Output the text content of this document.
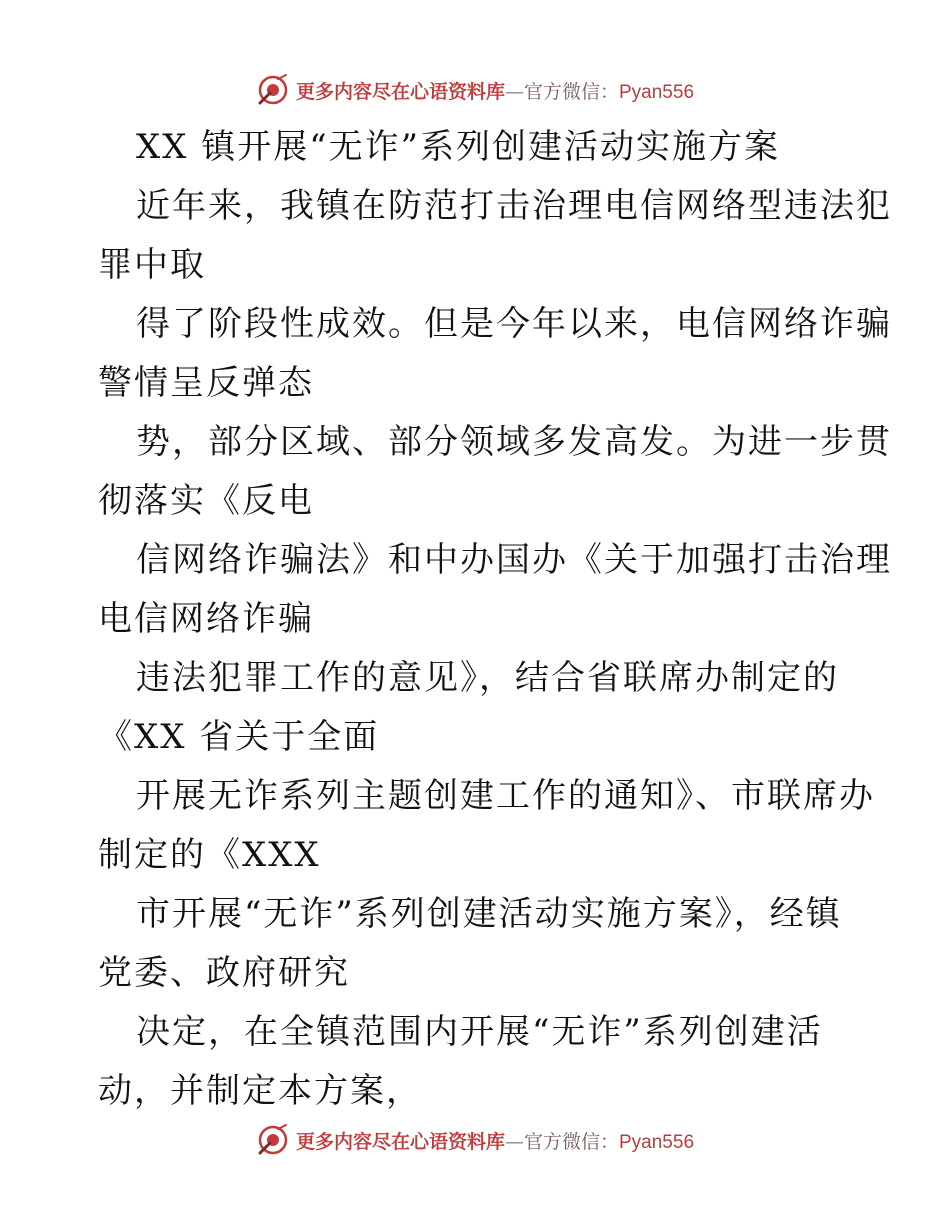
更多内容尽在心语资料库—官方微信：Pyan556
XX 镇开展“无诈”系列创建活动实施方案
近年来，我镇在防范打击治理电信网络型违法犯
罪中取
得了阶段性成效。但是今年以来，电信网络诈骗
警情呈反弹态
势，部分区域、部分领域多发高发。为进一步贯
彻落实《反电
信网络诈骗法》和中办国办《关于加强打击治理
电信网络诈骗
违法犯罪工作的意见》，结合省联席办制定的
《XX 省关于全面
开展无诈系列主题创建工作的通知》、市联席办
制定的《XXX
市开展“无诈”系列创建活动实施方案》，经镇
党委、政府研究
决定，在全镇范围内开展“无诈”系列创建活
动，并制定本方案，
更多内容尽在心语资料库—官方微信：Pyan556
